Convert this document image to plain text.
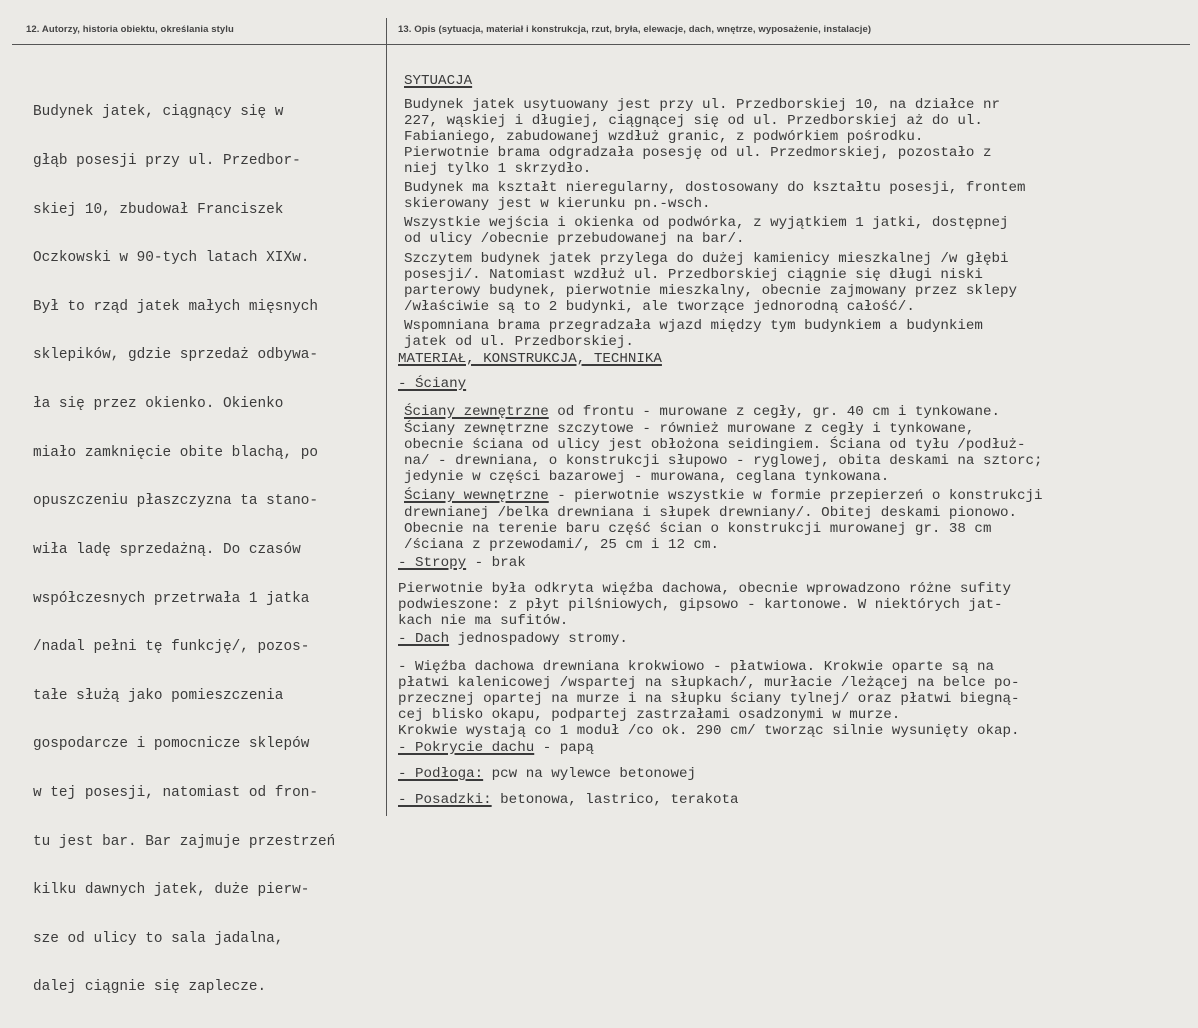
12. Autorzy, historia obiektu, określania stylu	13. Opis (sytuacja, materiał i konstrukcja, rzut, bryła, elewacje, dach, wnętrze, wyposażenie, instalacje)

Budynek jatek, ciągnący się w

głąb posesji przy ul. Przedbor-

skiej 10, zbudował Franciszek

Oczkowski w 90-tych latach XIXw.

Był to rząd jatek małych mięsnych

sklepików, gdzie sprzedaż odbywa-

ła się przez okienko. Okienko

miało zamknięcie obite blachą, po

opuszczeniu płaszczyzna ta stano-

wiła ladę sprzedażną. Do czasów

współczesnych przetrwała 1 jatka

/nadal pełni tę funkcję/, pozos-

tałe służą jako pomieszczenia

gospodarcze i pomocnicze sklepów

w tej posesji, natomiast od fron-

tu jest bar. Bar zajmuje przestrzeń

kilku dawnych jatek, duże pierw-

sze od ulicy to sala jadalna,

dalej ciągnie się zaplecze.

SYTUACJA
Budynek jatek usytuowany jest przy ul. Przedborskiej 10, na działce nr
227, wąskiej i długiej, ciągnącej się od ul. Przedborskiej aż do ul.
Fabianiego, zabudowanej wzdłuż granic, z podwórkiem pośrodku.
Pierwotnie brama odgradzała posesję od ul. Przedmorskiej, pozostało z
niej tylko 1 skrzydło.
Budynek ma kształt nieregularny, dostosowany do kształtu posesji, frontem
skierowany jest w kierunku pn.-wsch.
Wszystkie wejścia i okienka od podwórka, z wyjątkiem 1 jatki, dostępnej
od ulicy /obecnie przebudowanej na bar/.
Szczytem budynek jatek przylega do dużej kamienicy mieszkalnej /w głębi
posesji/. Natomiast wzdłuż ul. Przedborskiej ciągnie się długi niski
parterowy budynek, pierwotnie mieszkalny, obecnie zajmowany przez sklepy
/właściwie są to 2 budynki, ale tworzące jednorodną całość/.
Wspomniana brama przegradzała wjazd między tym budynkiem a budynkiem
jatek od ul. Przedborskiej.
MATERIAŁ, KONSTRUKCJA, TECHNIKA
- Ściany
Ściany zewnętrzne od frontu - murowane z cegły, gr. 40 cm i tynkowane.
Ściany zewnętrzne szczytowe - również murowane z cegły i tynkowane,
obecnie ściana od ulicy jest obłożona seidingiem. Ściana od tyłu /podłuż-
na/ - drewniana, o konstrukcji słupowo - ryglowej, obita deskami na sztorc;
jedynie w części bazarowej - murowana, ceglana tynkowana.
Ściany wewnętrzne - pierwotnie wszystkie w formie przepierzeń o konstrukcji
drewnianej /belka drewniana i słupek drewniany/. Obitej deskami pionowo.
Obecnie na terenie baru część ścian o konstrukcji murowanej gr. 38 cm
/ściana z przewodami/, 25 cm i 12 cm.
- Stropy - brak
Pierwotnie była odkryta więźba dachowa, obecnie wprowadzono różne sufity
podwieszone: z płyt pilśniowych, gipsowo - kartonowe. W niektórych jat-
kach nie ma sufitów.
- Dach jednospadowy stromy.
- Więźba dachowa drewniana krokwiowo - płatwiowa. Krokwie oparte są na
płatwi kalenicowej /wspartej na słupkach/, murłacie /leżącej na belce po-
przecznej opartej na murze i na słupku ściany tylnej/ oraz płatwi biegną-
cej blisko okapu, podpartej zastrzałami osadzonymi w murze.
Krokwie wystają co 1 moduł /co ok. 290 cm/ tworząc silnie wysunięty okap.
- Pokrycie dachu - papą
- Podłoga: pcw na wylewce betonowej
- Posadzki: betonowa, lastrico, terakota
